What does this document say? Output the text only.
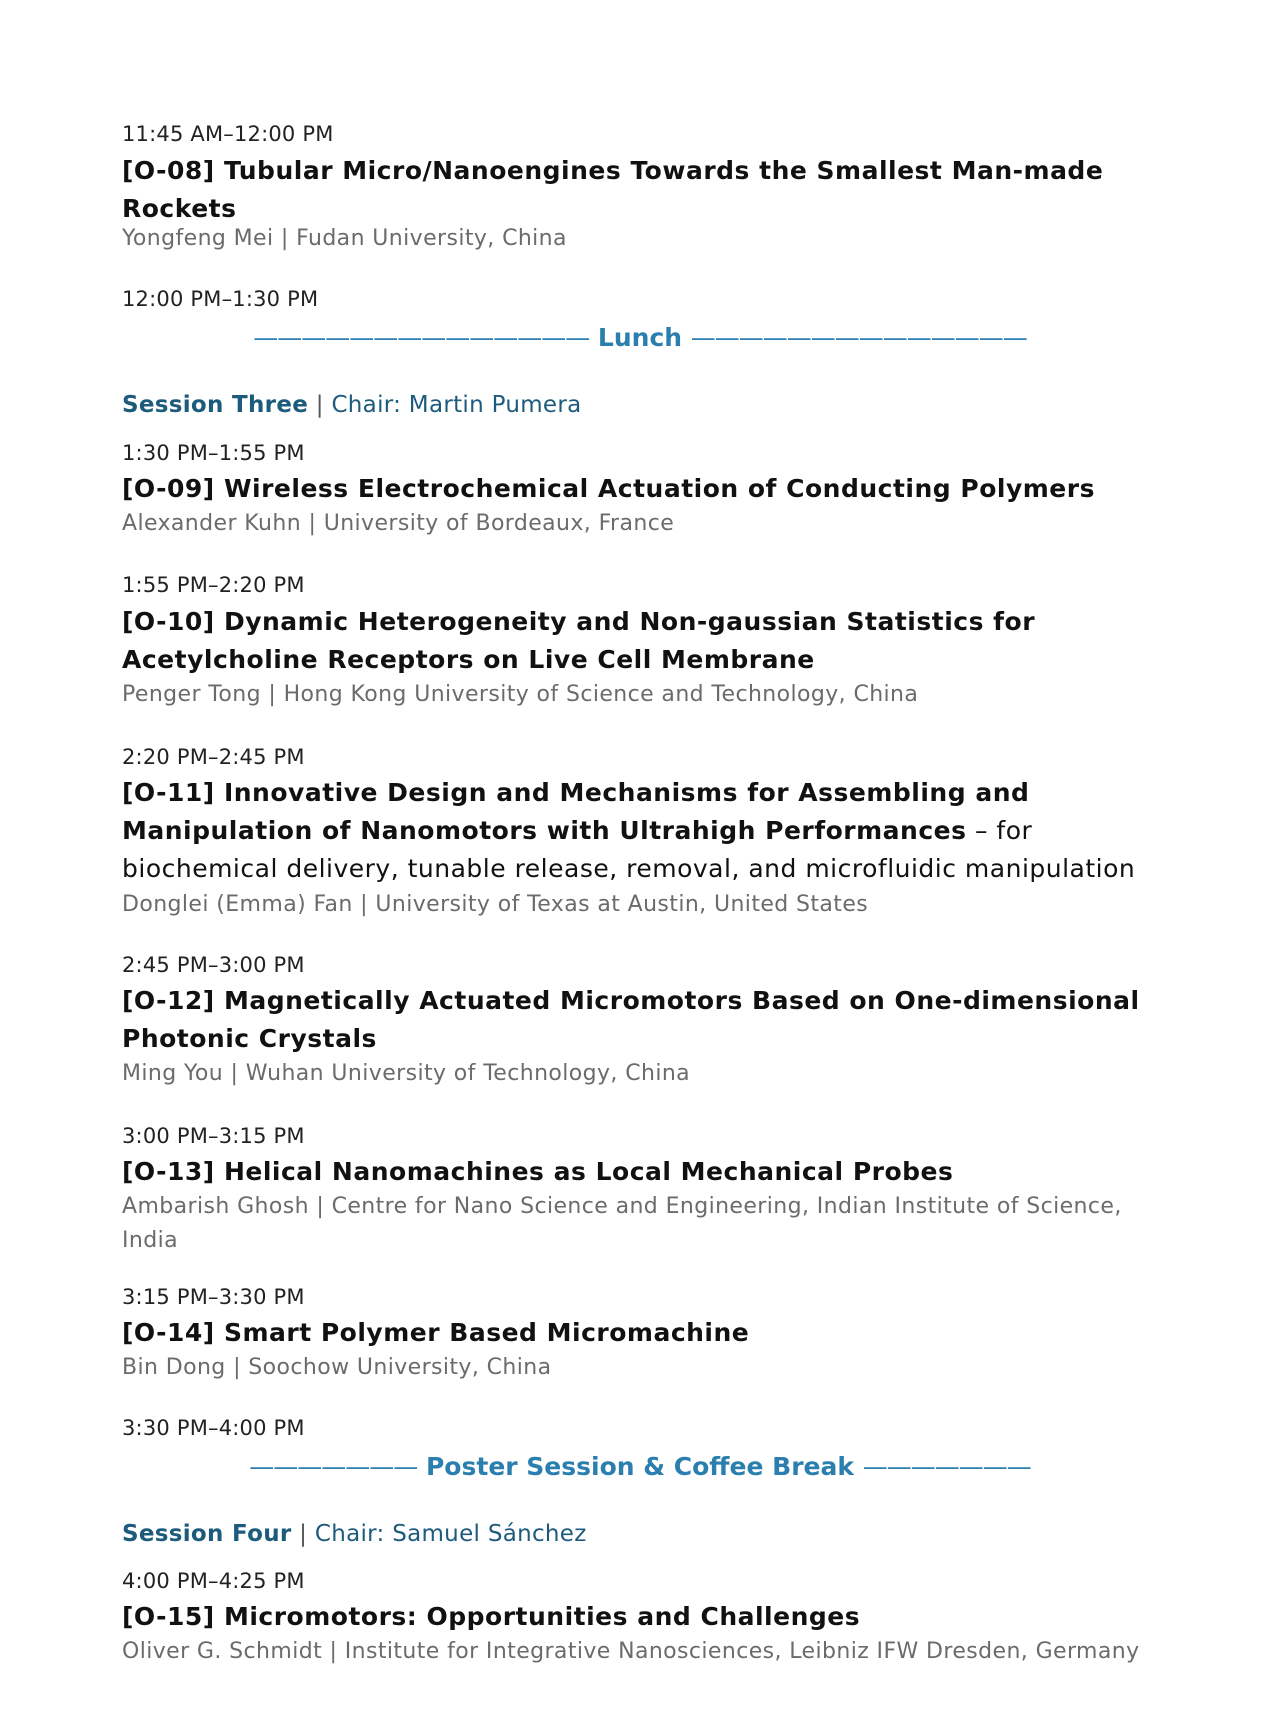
11:45 AM–12:00 PM
[O-08] Tubular Micro/Nanoengines Towards the Smallest Man-made Rockets
Yongfeng Mei | Fudan University, China
12:00 PM–1:30 PM
—————————————— Lunch ——————————————
Session Three | Chair: Martin Pumera
1:30 PM–1:55 PM
[O-09] Wireless Electrochemical Actuation of Conducting Polymers
Alexander Kuhn | University of Bordeaux, France
1:55 PM–2:20 PM
[O-10] Dynamic Heterogeneity and Non-gaussian Statistics for Acetylcholine Receptors on Live Cell Membrane
Penger Tong | Hong Kong University of Science and Technology, China
2:20 PM–2:45 PM
[O-11] Innovative Design and Mechanisms for Assembling and Manipulation of Nanomotors with Ultrahigh Performances – for biochemical delivery, tunable release, removal, and microfluidic manipulation
Donglei (Emma) Fan | University of Texas at Austin, United States
2:45 PM–3:00 PM
[O-12] Magnetically Actuated Micromotors Based on One-dimensional Photonic Crystals
Ming You | Wuhan University of Technology, China
3:00 PM–3:15 PM
[O-13] Helical Nanomachines as Local Mechanical Probes
Ambarish Ghosh | Centre for Nano Science and Engineering, Indian Institute of Science, India
3:15 PM–3:30 PM
[O-14] Smart Polymer Based Micromachine
Bin Dong | Soochow University, China
3:30 PM–4:00 PM
——————— Poster Session & Coffee Break ———————
Session Four | Chair: Samuel Sánchez
4:00 PM–4:25 PM
[O-15] Micromotors: Opportunities and Challenges
Oliver G. Schmidt | Institute for Integrative Nanosciences, Leibniz IFW Dresden, Germany
